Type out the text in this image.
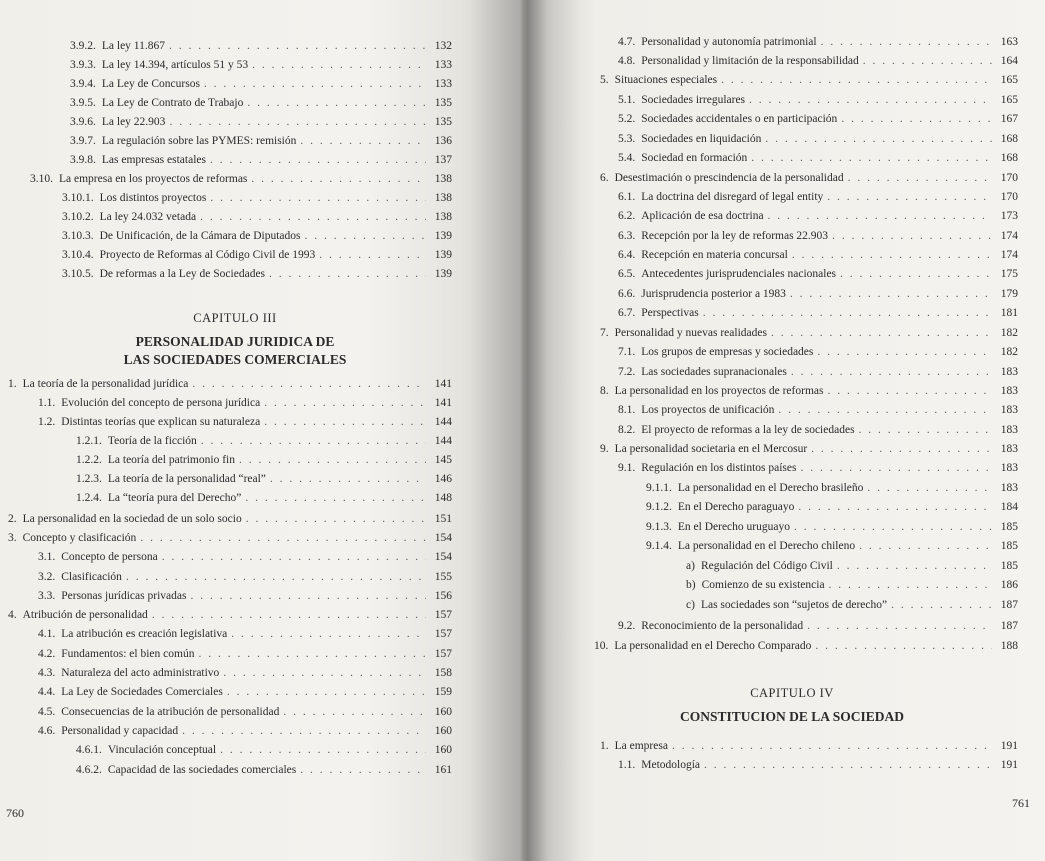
3.9.2. La ley 11.867 . . .	132
3.9.3. La ley 14.394, artículos 51 y 53 . . .	133
3.9.4. La Ley de Concursos . . .	133
3.9.5. La Ley de Contrato de Trabajo . . .	135
3.9.6. La ley 22.903 . . .	135
3.9.7. La regulación sobre las PYMES: remisión . . .	136
3.9.8. Las empresas estatales . . .	137
3.10. La empresa en los proyectos de reformas . . .	138
3.10.1. Los distintos proyectos . . .	138
3.10.2. La ley 24.032 vetada . . .	138
3.10.3. De Unificación, de la Cámara de Diputados . . .	139
3.10.4. Proyecto de Reformas al Código Civil de 1993 . . .	139
3.10.5. De reformas a la Ley de Sociedades . . .	139
CAPITULO III
PERSONALIDAD JURIDICA DE
LAS SOCIEDADES COMERCIALES
1. La teoría de la personalidad jurídica . . .	141
1.1. Evolución del concepto de persona jurídica . . .	141
1.2. Distintas teorías que explican su naturaleza . . .	144
1.2.1. Teoría de la ficción . . .	144
1.2.2. La teoría del patrimonio fin . . .	145
1.2.3. La teoría de la personalidad “real” . . .	146
1.2.4. La “teoría pura del Derecho” . . .	148
2. La personalidad en la sociedad de un solo socio . . .	151
3. Concepto y clasificación . . .	154
3.1. Concepto de persona . . .	154
3.2. Clasificación . . .	155
3.3. Personas jurídicas privadas . . .	156
4. Atribución de personalidad . . .	157
4.1. La atribución es creación legislativa . . .	157
4.2. Fundamentos: el bien común . . .	157
4.3. Naturaleza del acto administrativo . . .	158
4.4. La Ley de Sociedades Comerciales . . .	159
4.5. Consecuencias de la atribución de personalidad . . .	160
4.6. Personalidad y capacidad . . .	160
4.6.1. Vinculación conceptual . . .	160
4.6.2. Capacidad de las sociedades comerciales . . .	161
760
4.7. Personalidad y autonomía patrimonial . . .	163
4.8. Personalidad y limitación de la responsabilidad . . .	164
5. Situaciones especiales . . .	165
5.1. Sociedades irregulares . . .	165
5.2. Sociedades accidentales o en participación . . .	167
5.3. Sociedades en liquidación . . .	168
5.4. Sociedad en formación . . .	168
6. Desestimación o prescindencia de la personalidad . . .	170
6.1. La doctrina del disregard of legal entity . . .	170
6.2. Aplicación de esa doctrina . . .	173
6.3. Recepción por la ley de reformas 22.903 . . .	174
6.4. Recepción en materia concursal . . .	174
6.5. Antecedentes jurisprudenciales nacionales . . .	175
6.6. Jurisprudencia posterior a 1983 . . .	179
6.7. Perspectivas . . .	181
7. Personalidad y nuevas realidades . . .	182
7.1. Los grupos de empresas y sociedades . . .	182
7.2. Las sociedades supranacionales . . .	183
8. La personalidad en los proyectos de reformas . . .	183
8.1. Los proyectos de unificación . . .	183
8.2. El proyecto de reformas a la ley de sociedades . . .	183
9. La personalidad societaria en el Mercosur . . .	183
9.1. Regulación en los distintos países . . .	183
9.1.1. La personalidad en el Derecho brasileño . . .	183
9.1.2. En el Derecho paraguayo . . .	184
9.1.3. En el Derecho uruguayo . . .	185
9.1.4. La personalidad en el Derecho chileno . . .	185
a) Regulación del Código Civil . . .	185
b) Comienzo de su existencia . . .	186
c) Las sociedades son “sujetos de derecho” . . .	187
9.2. Reconocimiento de la personalidad . . .	187
10. La personalidad en el Derecho Comparado . . .	188
CAPITULO IV
CONSTITUCION DE LA SOCIEDAD
1. La empresa . . .	191
1.1. Metodología . . .	191
761
